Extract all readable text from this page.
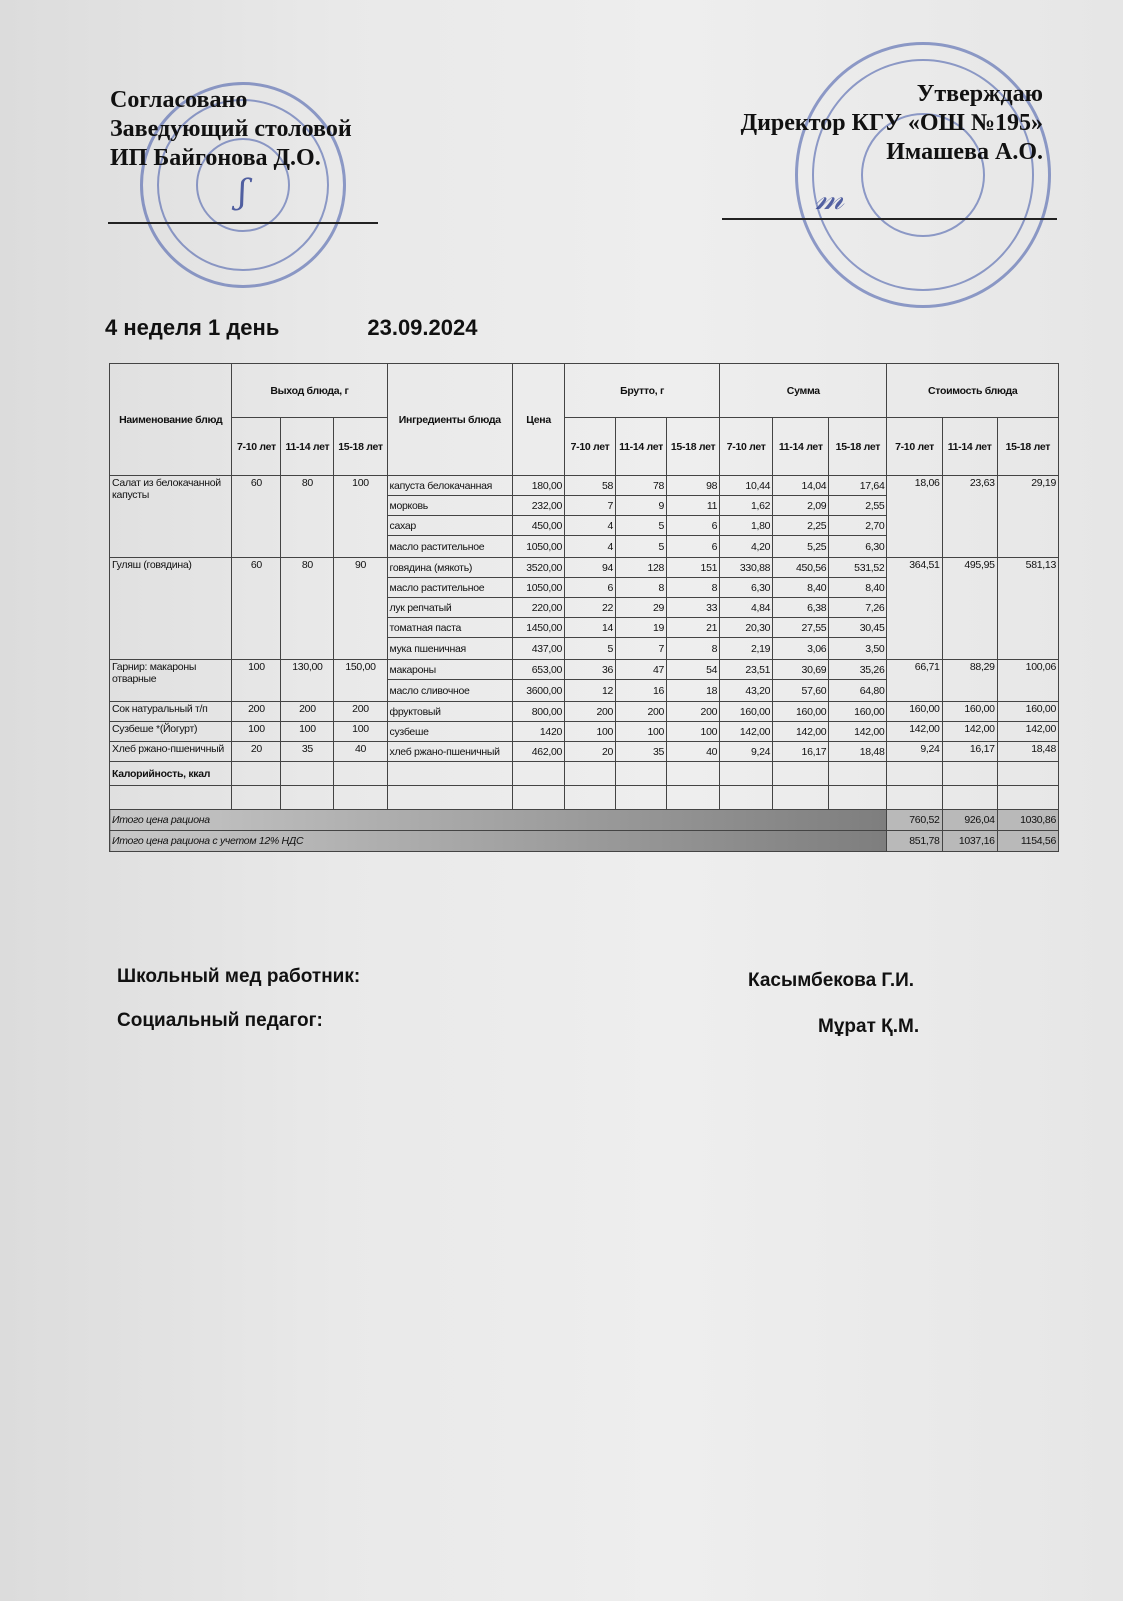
ʃ	𝓂
Согласовано
Заведующий столовой
ИП Байгонова Д.О.
Утверждаю
Директор КГУ «ОШ №195»
Имашева А.О.
4 неделя 1 день	23.09.2024
Наименование блюд	Выход блюда, г			Ингредиенты блюда	Цена	Брутто, г			Сумма			Стоимость блюда		
	7-10 лет	11-14 лет	15-18 лет			7-10 лет	11-14 лет	15-18 лет	7-10 лет	11-14 лет	15-18 лет	7-10 лет	11-14 лет	15-18 лет
Салат из белокачанной капусты	60	80	100	капуста белокачанная	180,00	58	78	98	10,44	14,04	17,64	18,06	23,63	29,19
				морковь	232,00	7	9	11	1,62	2,09	2,55			
				сахар	450,00	4	5	6	1,80	2,25	2,70			
				масло растительное	1050,00	4	5	6	4,20	5,25	6,30			
Гуляш (говядина)	60	80	90	говядина (мякоть)	3520,00	94	128	151	330,88	450,56	531,52	364,51	495,95	581,13
				масло растительное	1050,00	6	8	8	6,30	8,40	8,40			
				лук репчатый	220,00	22	29	33	4,84	6,38	7,26			
				томатная паста	1450,00	14	19	21	20,30	27,55	30,45			
				мука пшеничная	437,00	5	7	8	2,19	3,06	3,50			
Гарнир: макароны отварные	100	130,00	150,00	макароны	653,00	36	47	54	23,51	30,69	35,26	66,71	88,29	100,06
				масло сливочное	3600,00	12	16	18	43,20	57,60	64,80			
Сок натуральный т/п	200	200	200	фруктовый	800,00	200	200	200	160,00	160,00	160,00	160,00	160,00	160,00
Сузбеше *(Йогурт)	100	100	100	сузбеше	1420	100	100	100	142,00	142,00	142,00	142,00	142,00	142,00
Хлеб ржано-пшеничный	20	35	40	хлеб ржано-пшеничный	462,00	20	35	40	9,24	16,17	18,48	9,24	16,17	18,48
Калорийность, ккал														

Итого цена рациона												760,52	926,04	1030,86
Итого цена рациона с учетом 12% НДС												851,78	1037,16	1154,56
Школьный мед работник:	Касымбекова Г.И.
Социальный педагог:	Мұрат Қ.М.
